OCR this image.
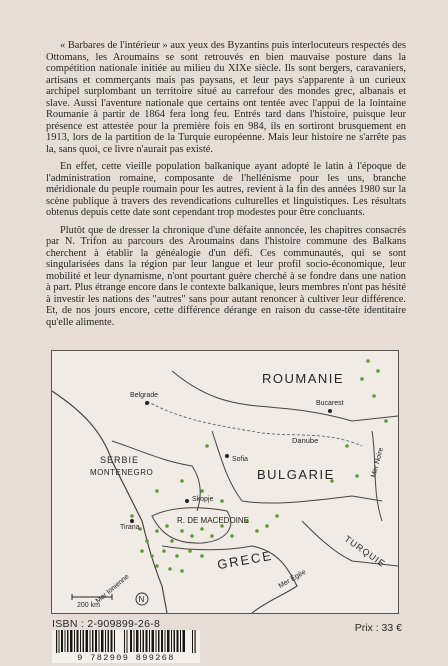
« Barbares de l'intérieur » aux yeux des Byzantins puis interlocuteurs respectés des Ottomans, les Aroumains se sont retrouvés en bien mauvaise posture dans la compétition nationale initiée au milieu du XIXe siècle. Ils sont bergers, caravaniers, artisans et commerçants mais pas paysans, et leur pays s'apparente à un curieux archipel surplombant un territoire situé au carrefour des mondes grec, albanais et slave. Aussi l'aventure nationale que certains ont tentée avec l'appui de la lointaine Roumanie à partir de 1864 fera long feu. Entrés tard dans l'histoire, puisque leur présence est attestée pour la première fois en 984, ils en sortiront brusquement en 1913, lors de la partition de la Turquie européenne. Mais leur histoire ne s'arrête pas la, sans quoi, ce livre n'aurait pas existé.

En effet, cette vieille population balkanique ayant adopté le latin à l'époque de l'administration romaine, composante de l'hellénisme pour les uns, branche méridionale du peuple roumain pour les autres, revient à la fin des années 1980 sur la scène publique à travers des revendications culturelles et linguistiques. Les résultats obtenus depuis cette date sont cependant trop modestes pour être concluants.

Plutôt que de dresser la chronique d'une défaite annoncée, les chapitres consacrés par N. Trifon au parcours des Aroumains dans l'histoire commune des Balkans cherchent à établir la généalogie d'un défi. Ces communautés, qui se sont singularisées dans la région par leur langue et leur profil socio-économique, leur mobilité et leur dynamisme, n'ont pourtant guère cherché à se fondre dans une nation à part. Plus étrange encore dans le contexte balkanique, leurs membres n'ont pas hésité à investir les nations des "autres" sans pour autant renoncer à cultiver leur différence. Et, de nos jours encore, cette différence dérange en raison du casse-tête identitaire qu'elle alimente.

ROUMANIE
Bucarest
Belgrade
Danube
SERBIE
MONTENEGRO	BULGARIE
Sofia
Skopje
Tirana
R. DE MACEDOINE
GRECE	TURQUIE
Mer Ionienne	Mer Égée
Mer Noire
200 km
N
ISBN : 2-909899-26-8
9 782909 899268
Prix : 33 €
